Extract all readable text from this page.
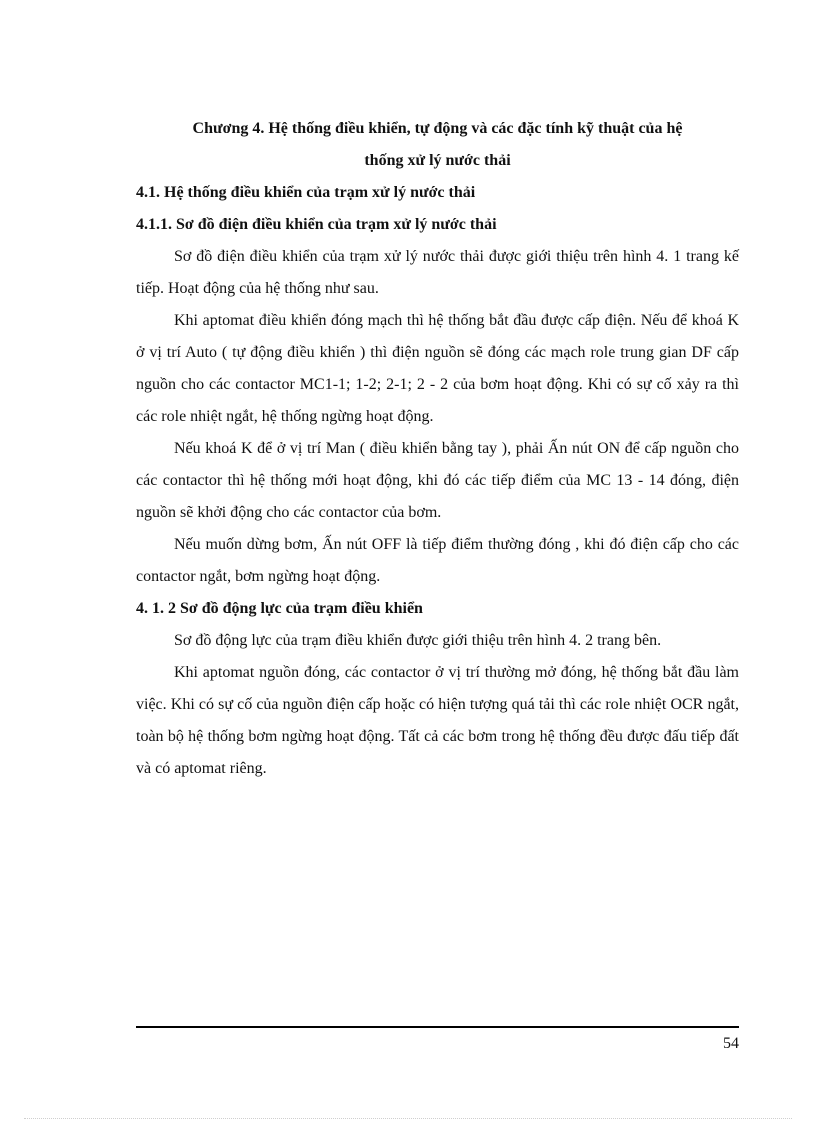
Chương 4. Hệ thống điều khiển, tự động và các đặc tính kỹ thuật của hệ

thống xử lý nước thải

4.1. Hệ thống điều khiển của trạm xử lý nước thải

4.1.1. Sơ đồ điện điều khiển của trạm xử lý nước thải

Sơ đồ điện điều khiển của trạm xử lý nước thải được giới thiệu trên hình 4. 1 trang kế tiếp. Hoạt động của hệ thống như sau.

Khi aptomat điều khiển đóng mạch thì hệ thống bắt đầu được cấp điện. Nếu để khoá K ở vị trí Auto ( tự động điều khiển ) thì điện nguồn sẽ đóng các mạch role trung gian DF cấp nguồn cho các contactor MC1-1; 1-2; 2-1; 2 - 2 của bơm hoạt động. Khi có sự cố xảy ra thì các role nhiệt ngắt, hệ thống ngừng hoạt động.

Nếu khoá K để ở vị trí Man ( điều khiển bằng tay ), phải Ấn nút ON để cấp nguồn cho các contactor thì hệ thống mới hoạt động, khi đó các tiếp điểm của MC 13 - 14 đóng, điện nguồn sẽ khởi động cho các contactor của bơm.

Nếu muốn dừng bơm, Ấn nút OFF là tiếp điểm thường đóng , khi đó điện cấp cho các contactor ngắt, bơm ngừng hoạt động.

4. 1. 2 Sơ đồ động lực của trạm điều khiển

Sơ đồ động lực của trạm điều khiển được giới thiệu trên hình 4. 2 trang bên.

Khi aptomat nguồn đóng, các contactor ở vị trí thường mở đóng, hệ thống bắt đầu làm việc. Khi có sự cố của nguồn điện cấp hoặc có hiện tượng quá tải thì các role nhiệt OCR ngắt, toàn bộ hệ thống bơm ngừng hoạt động. Tất cả các bơm trong hệ thống đều được đấu tiếp đất và có aptomat riêng.

54
